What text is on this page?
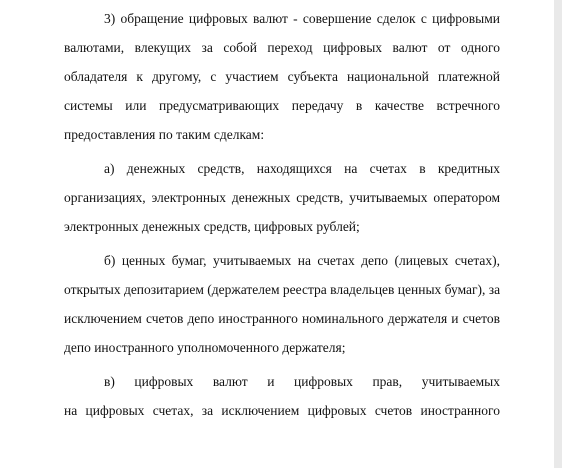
3) обращение цифровых валют - совершение сделок с цифровыми
валютами, влекущих за собой переход цифровых валют от одного
обладателя к другому, с участием субъекта национальной платежной
системы или предусматривающих передачу в качестве встречного
предоставления по таким сделкам:
а) денежных средств, находящихся на счетах в кредитных
организациях, электронных денежных средств, учитываемых оператором
электронных денежных средств, цифровых рублей;
б) ценных бумаг, учитываемых на счетах депо (лицевых счетах),
открытых депозитарием (держателем реестра владельцев ценных бумаг), за
исключением счетов депо иностранного номинального держателя и счетов
депо иностранного уполномоченного держателя;
в) цифровых валют и цифровых прав, учитываемых
на цифровых счетах, за исключением цифровых счетов иностранного
